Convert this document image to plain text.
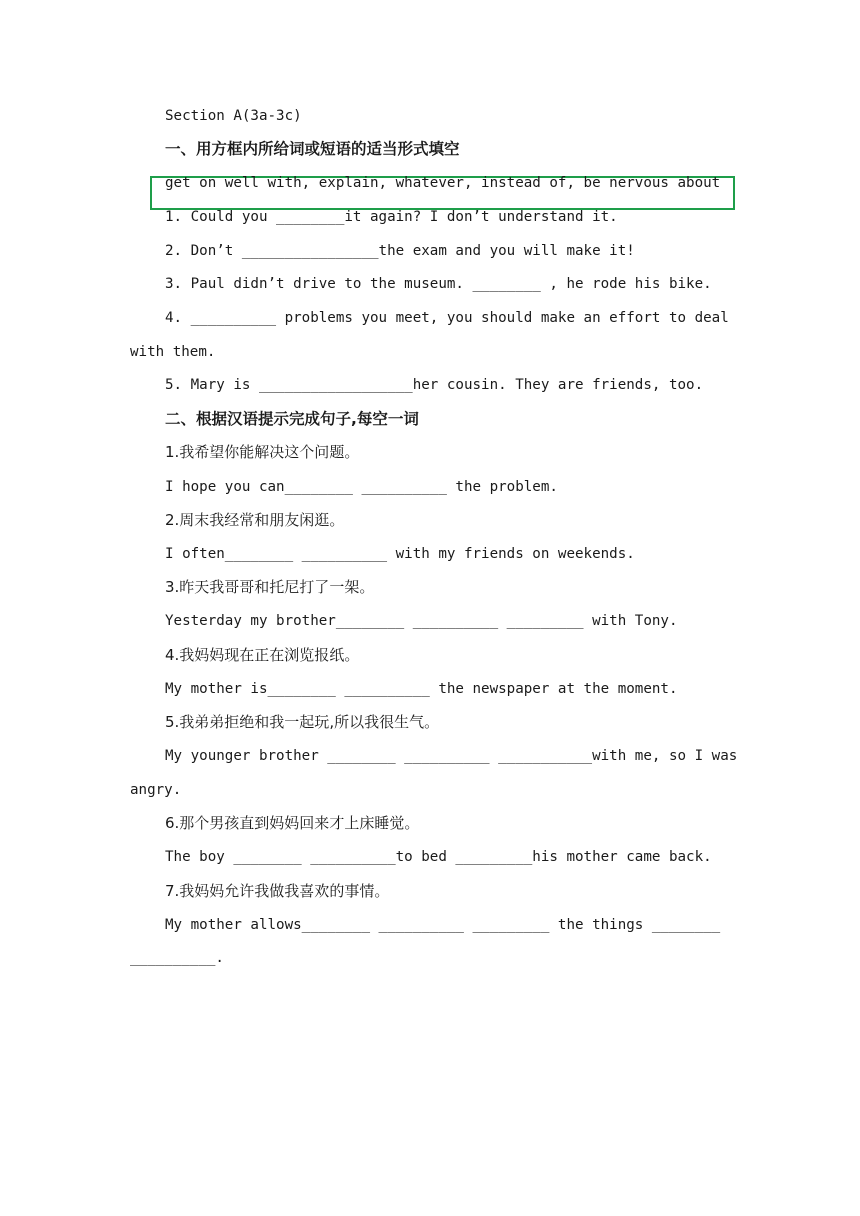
Section A(3a-3c)
一、用方框内所给词或短语的适当形式填空
get on well with, explain, whatever, instead of, be nervous about
1. Could you ________it again? I don’t understand it.
2. Don’t ________________the exam and you will make it!
3. Paul didn’t drive to the museum. ________ , he rode his bike.
4. __________ problems you meet, you should make an effort to deal
with them.
5. Mary is __________________her cousin. They are friends, too.
二、根据汉语提示完成句子,每空一词
1.我希望你能解决这个问题。
I hope you can________ __________ the problem.
2.周末我经常和朋友闲逛。
I often________ __________ with my friends on weekends.
3.昨天我哥哥和托尼打了一架。
Yesterday my brother________ __________ _________ with Tony.
4.我妈妈现在正在浏览报纸。
My mother is________ __________ the newspaper at the moment.
5.我弟弟拒绝和我一起玩,所以我很生气。
My younger brother ________ __________ ___________with me, so I was
angry.
6.那个男孩直到妈妈回来才上床睡觉。
The boy ________ __________to bed _________his mother came back.
7.我妈妈允许我做我喜欢的事情。
My mother allows________ __________ _________ the things ________
__________.
